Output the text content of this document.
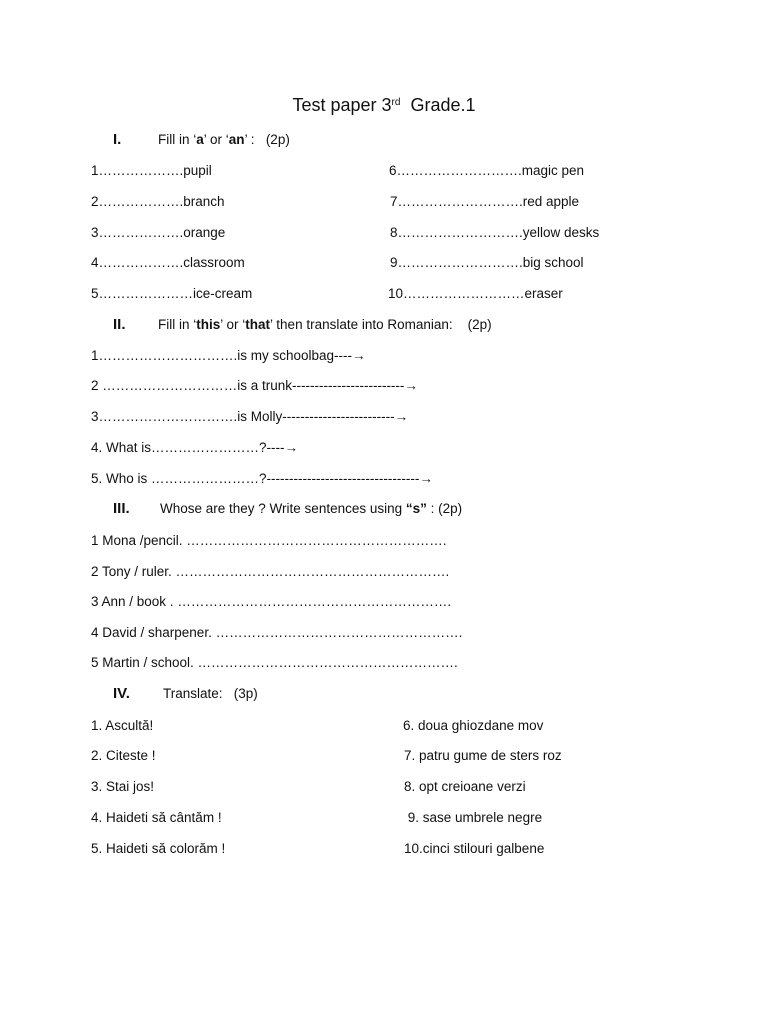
Test paper 3rd  Grade.1
I.	Fill in ‘a’ or ‘an’ :   (2p)
1……………….pupil
2……………….branch
3……………….orange
4……………….classroom
5…………………ice-cream
6……………………….magic pen
7……………………….red apple
8……………………….yellow desks
9……………………….big school
10………………………eraser
II. Fill in ‘this’ or ‘that’ then translate into Romanian:    (2p)
1………………………….is my schoolbag----→
2 …………………………is a trunk-------------------------→
3………………………….is Molly-------------------------→
4. What is……………………?----→
5. Who is ……………………?----------------------------------→
III. Whose are they ? Write sentences using “s” : (2p)
1 Mona /pencil. ………………………………………………….
2 Tony / ruler. …………………………………………………….
3 Ann / book . …………………………………………………….
4 David / sharpener. ……………………………………………….
5 Martin / school. ………………………………………………….
IV. Translate:   (3p)
1. Ascultă!
2. Citeste !
3. Stai jos!
4. Haideti să cântăm !
5. Haideti să colorăm !
6. doua ghiozdane mov
7. patru gume de sters roz
8. opt creioane verzi
9. sase umbrele negre
10.cinci stilouri galbene
